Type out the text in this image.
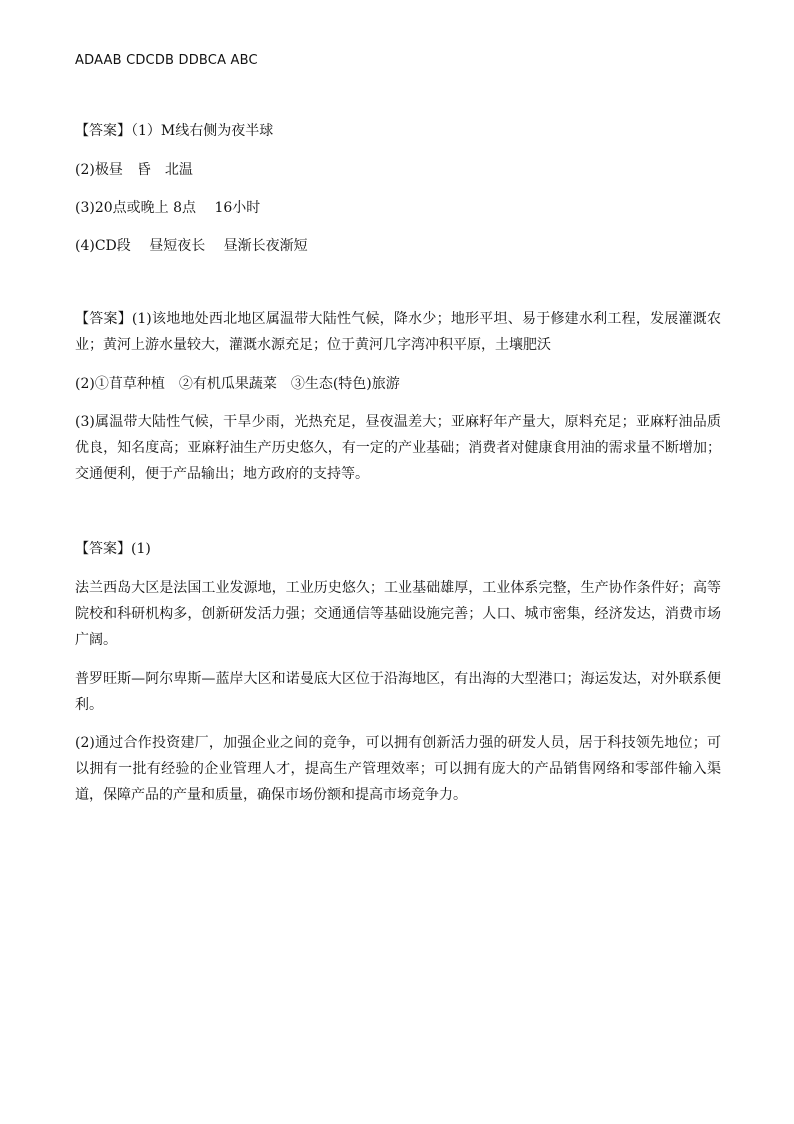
ADAAB CDCDB DDBCA ABC

【答案】（1）M线右侧为夜半球

(2)极昼　昏　北温

(3)20点或晚上 8点　 16小时

(4)CD段　 昼短夜长　 昼渐长夜渐短

【答案】(1)该地地处西北地区属温带大陆性气候，降水少；地形平坦、易于修建水利工程，发展灌溉农业；黄河上游水量较大，灌溉水源充足；位于黄河几字湾冲积平原，土壤肥沃

(2)①苜草种植　②有机瓜果蔬菜　③生态(特色)旅游

(3)属温带大陆性气候，干旱少雨，光热充足，昼夜温差大；亚麻籽年产量大，原料充足；亚麻籽油品质优良，知名度高；亚麻籽油生产历史悠久，有一定的产业基础；消费者对健康食用油的需求量不断增加；交通便利，便于产品输出；地方政府的支持等。

【答案】(1)

法兰西岛大区是法国工业发源地，工业历史悠久；工业基础雄厚，工业体系完整，生产协作条件好；高等院校和科研机构多，创新研发活力强；交通通信等基础设施完善；人口、城市密集，经济发达，消费市场广阔。

普罗旺斯—阿尔卑斯—蓝岸大区和诺曼底大区位于沿海地区，有出海的大型港口；海运发达，对外联系便利。

(2)通过合作投资建厂，加强企业之间的竞争，可以拥有创新活力强的研发人员，居于科技领先地位；可以拥有一批有经验的企业管理人才，提高生产管理效率；可以拥有庞大的产品销售网络和零部件输入渠道，保障产品的产量和质量，确保市场份额和提高市场竞争力。
